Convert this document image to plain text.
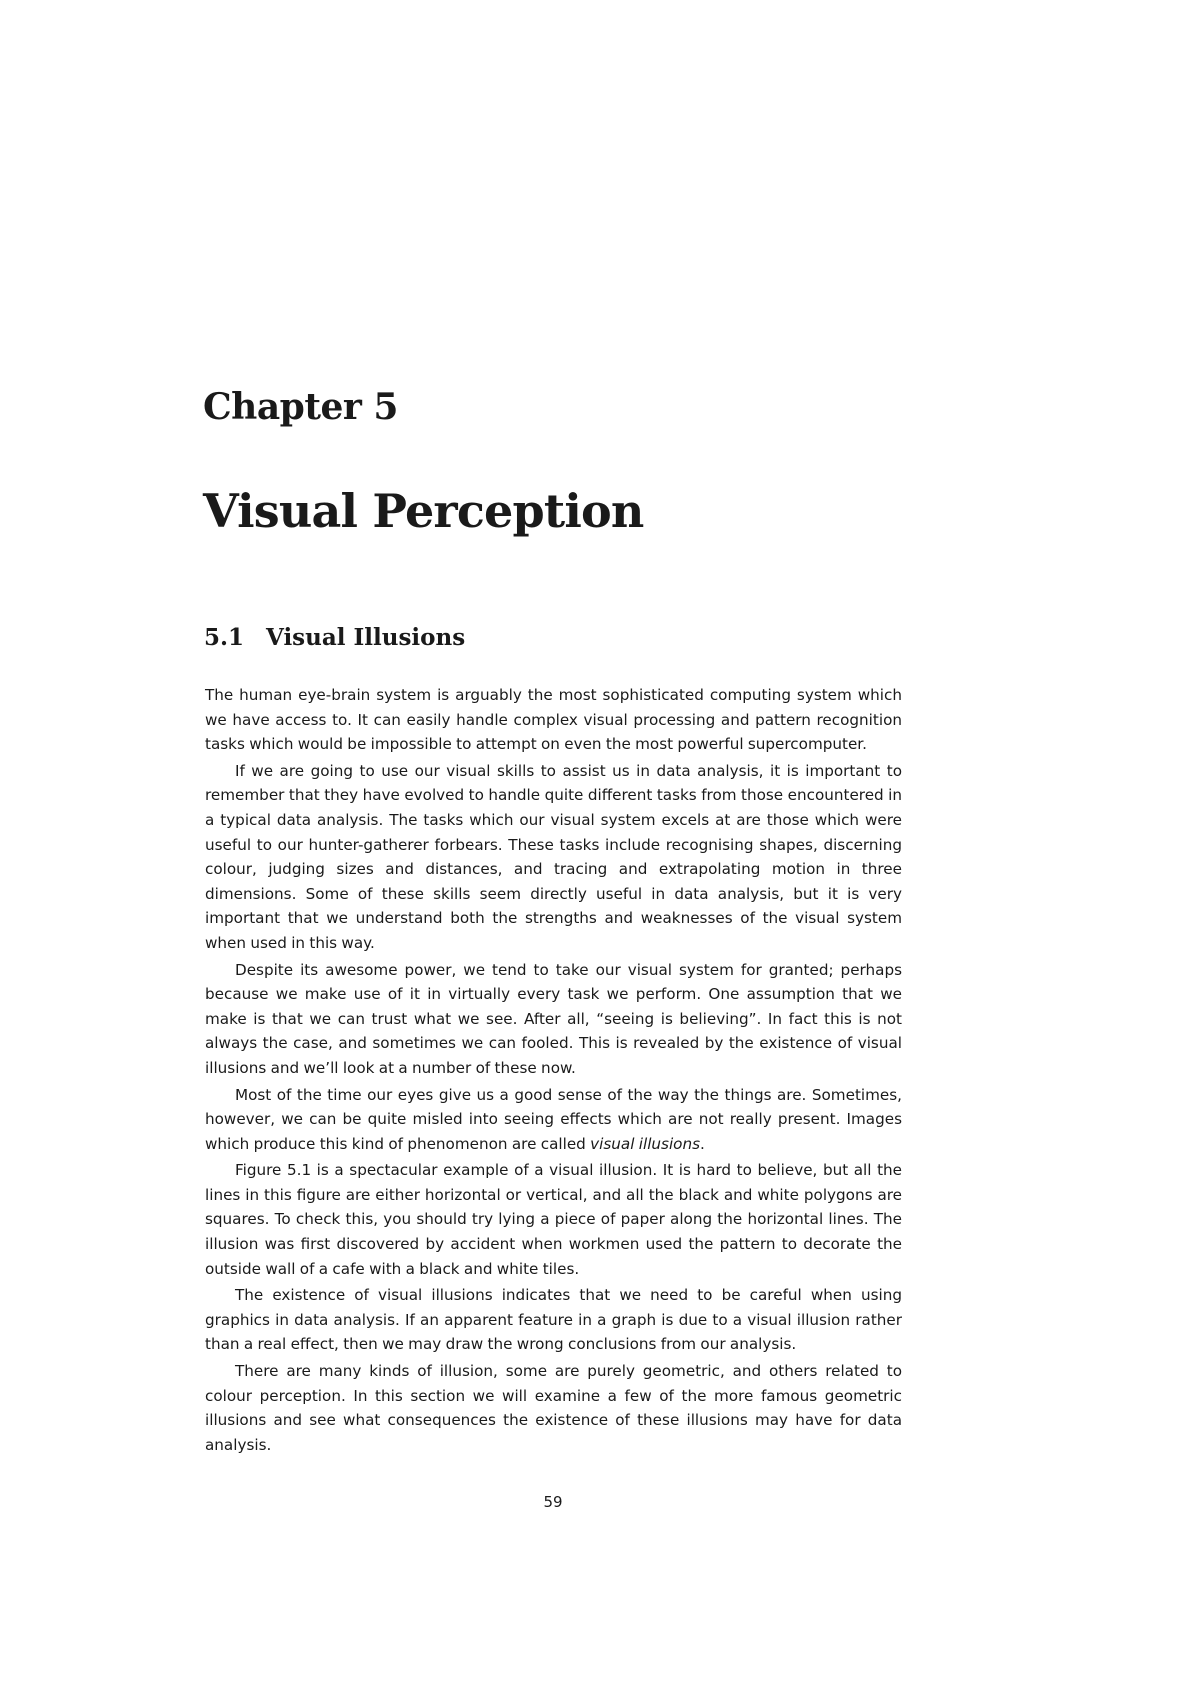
Chapter 5
Visual Perception
5.1 Visual Illusions

The human eye-brain system is arguably the most sophisticated computing system which we have access to. It can easily handle complex visual processing and pattern recognition tasks which would be impossible to attempt on even the most powerful supercomputer.

If we are going to use our visual skills to assist us in data analysis, it is important to remember that they have evolved to handle quite different tasks from those encountered in a typical data analysis. The tasks which our visual system excels at are those which were useful to our hunter-gatherer forbears. These tasks include recognising shapes, discerning colour, judging sizes and distances, and tracing and extrapolating motion in three dimensions. Some of these skills seem directly useful in data analysis, but it is very important that we understand both the strengths and weaknesses of the visual system when used in this way.

Despite its awesome power, we tend to take our visual system for granted; perhaps because we make use of it in virtually every task we perform. One assumption that we make is that we can trust what we see. After all, “seeing is believing”. In fact this is not always the case, and sometimes we can fooled. This is revealed by the existence of visual illusions and we’ll look at a number of these now.

Most of the time our eyes give us a good sense of the way the things are. Sometimes, however, we can be quite misled into seeing effects which are not really present. Images which produce this kind of phenomenon are called visual illusions.

Figure 5.1 is a spectacular example of a visual illusion. It is hard to believe, but all the lines in this figure are either horizontal or vertical, and all the black and white polygons are squares. To check this, you should try lying a piece of paper along the horizontal lines. The illusion was first discovered by accident when workmen used the pattern to decorate the outside wall of a cafe with a black and white tiles.

The existence of visual illusions indicates that we need to be careful when using graphics in data analysis. If an apparent feature in a graph is due to a visual illusion rather than a real effect, then we may draw the wrong conclusions from our analysis.

There are many kinds of illusion, some are purely geometric, and others related to colour perception. In this section we will examine a few of the more famous geometric illusions and see what consequences the existence of these illusions may have for data analysis.

59
